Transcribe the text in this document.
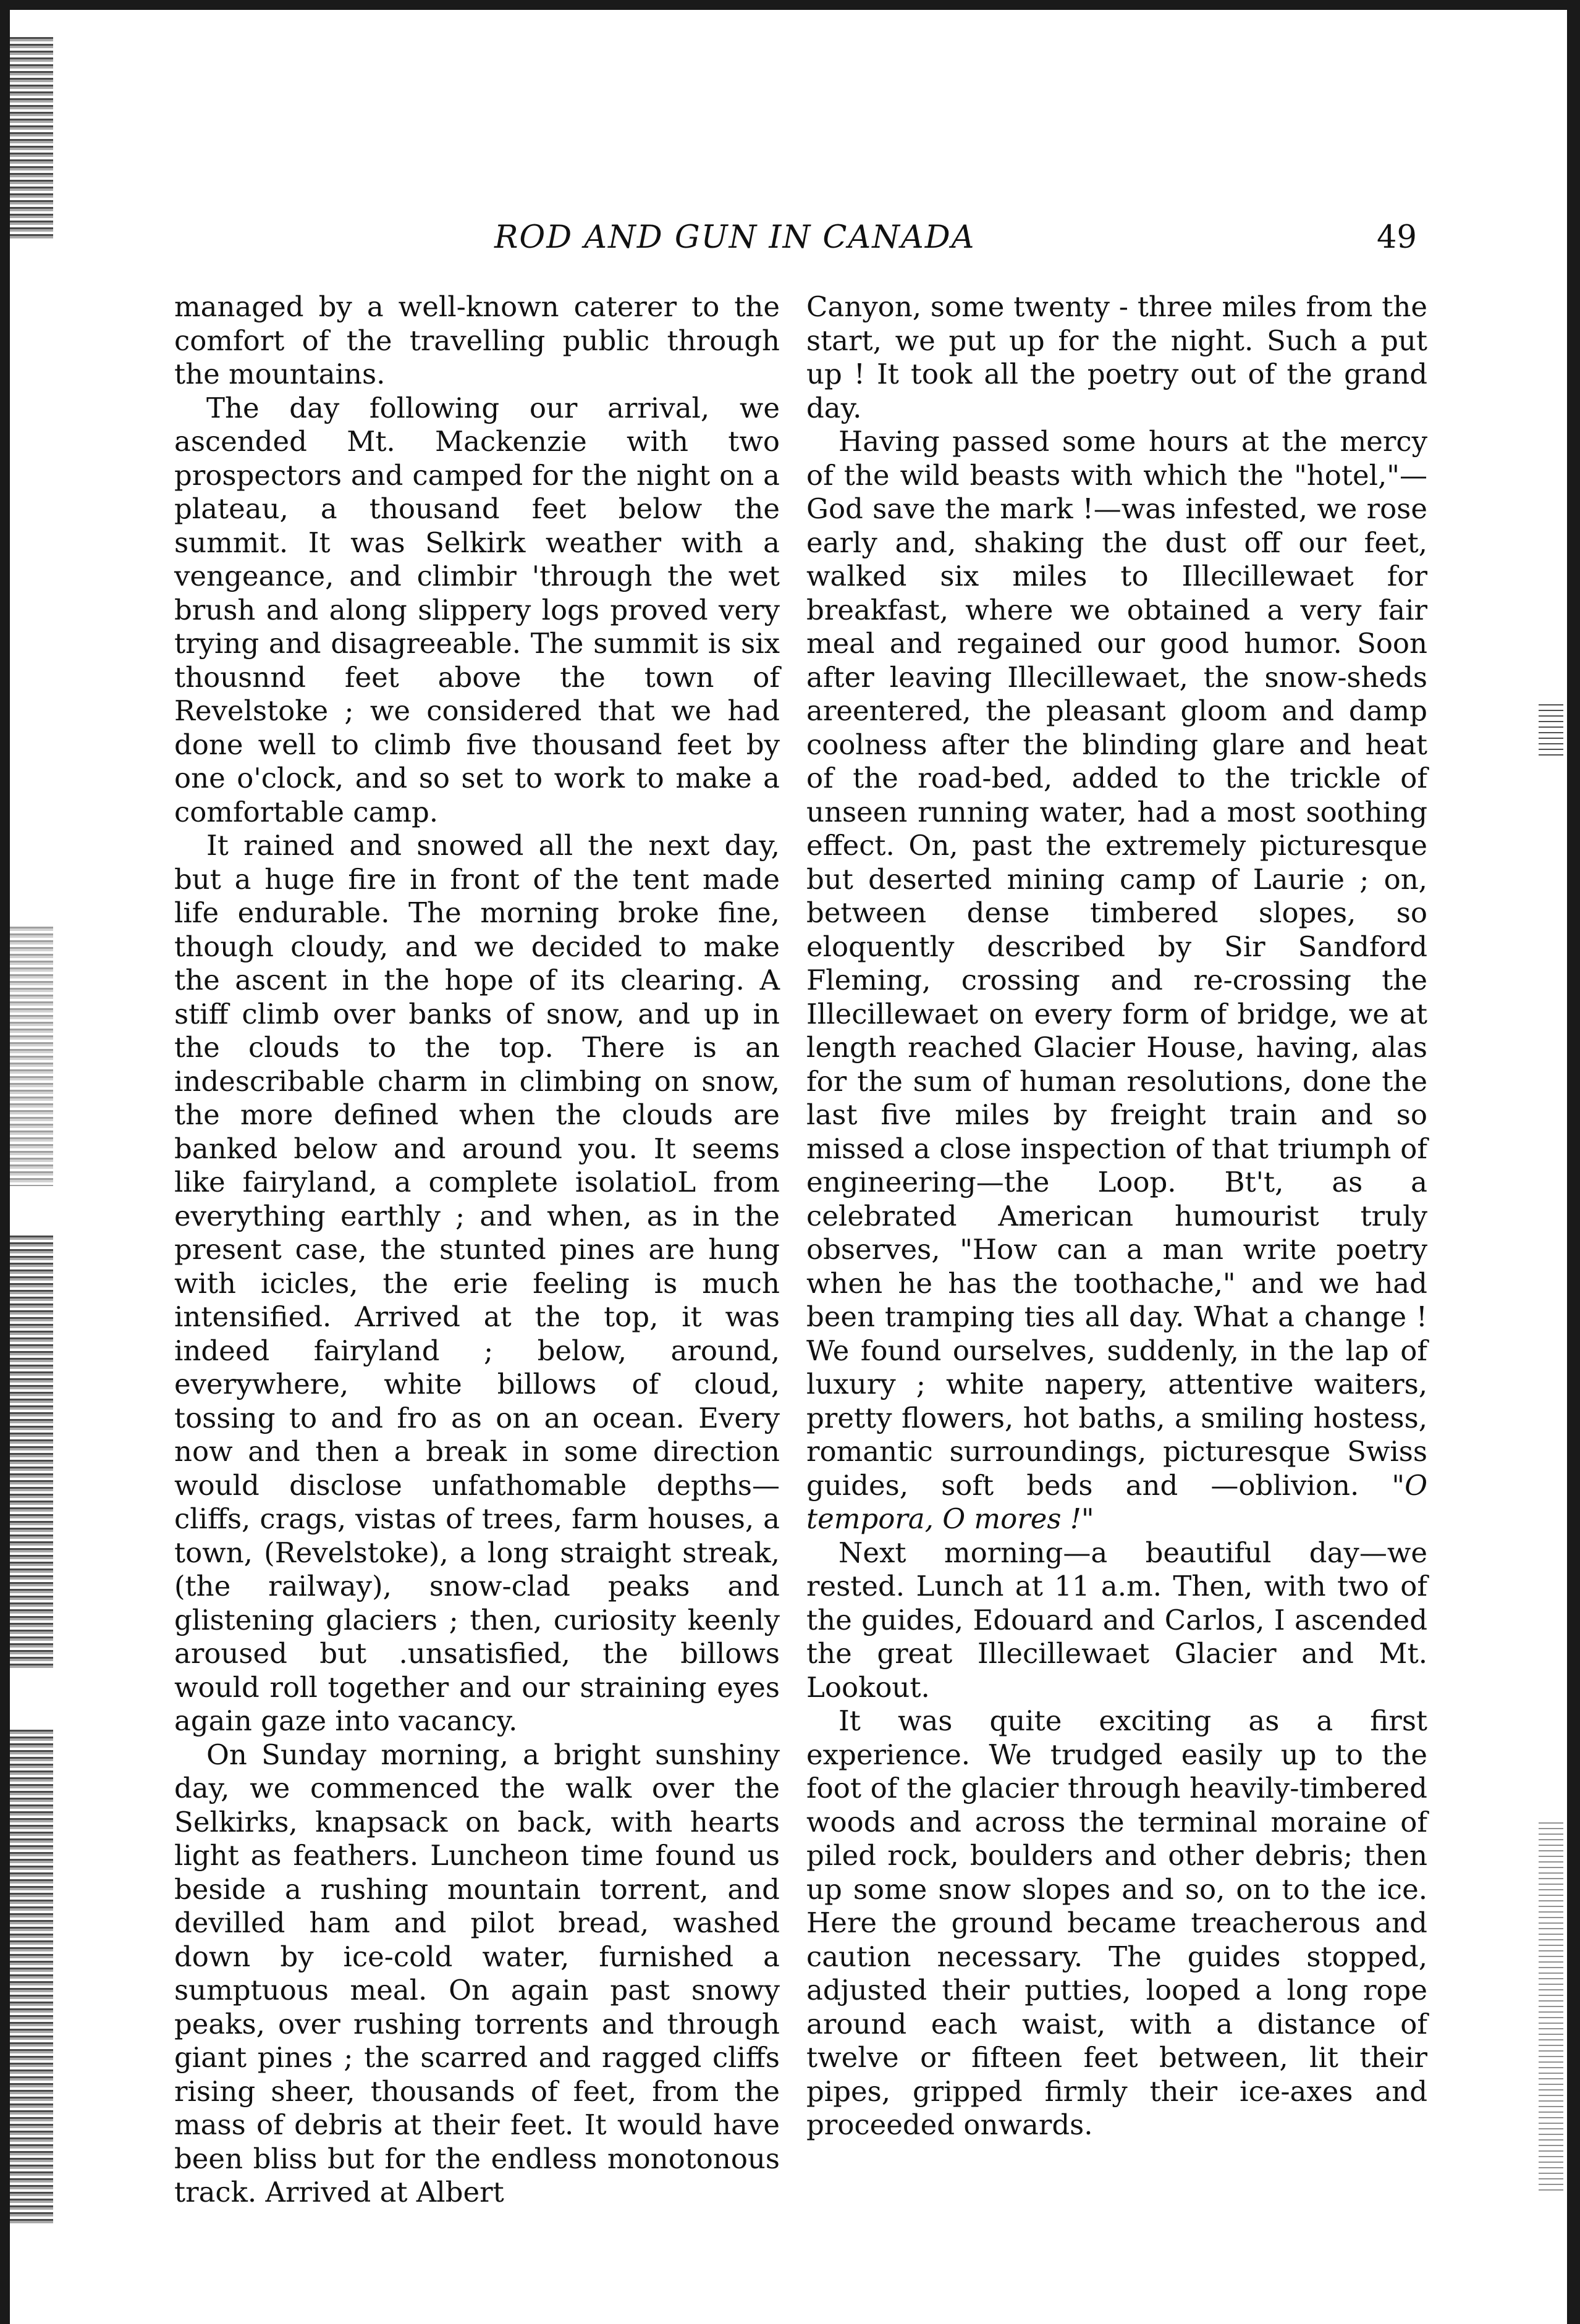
ROD AND GUN IN CANADA	49

managed by a well-known caterer to the comfort of the travelling public through the mountains.

The day following our arrival, we ascended Mt. Mackenzie with two prospectors and camped for the night on a plateau, a thousand feet below the summit. It was Selkirk weather with a vengeance, and climbir 'through the wet brush and along slippery logs proved very trying and disagreeable. The summit is six thousnnd feet above the town of Revelstoke ; we considered that we had done well to climb five thousand feet by one o'clock, and so set to work to make a comfortable camp.

It rained and snowed all the next day, but a huge fire in front of the tent made life endurable. The morning broke fine, though cloudy, and we decided to make the ascent in the hope of its clearing. A stiff climb over banks of snow, and up in the clouds to the top. There is an indescribable charm in climbing on snow, the more defined when the clouds are banked below and around you. It seems like fairyland, a complete isolatioL from everything earthly ; and when, as in the present case, the stunted pines are hung with icicles, the erie feeling is much intensified. Arrived at the top, it was indeed fairyland ; below, around, everywhere, white billows of cloud, tossing to and fro as on an ocean. Every now and then a break in some direction would disclose unfathomable depths—cliffs, crags, vistas of trees, farm houses, a town, (Revelstoke), a long straight streak, (the railway), snow-clad peaks and glistening glaciers ; then, curiosity keenly aroused but .unsatisfied, the billows would roll together and our straining eyes again gaze into vacancy.

On Sunday morning, a bright sunshiny day, we commenced the walk over the Selkirks, knapsack on back, with hearts light as feathers. Luncheon time found us beside a rushing mountain torrent, and devilled ham and pilot bread, washed down by ice-cold water, furnished a sumptuous meal. On again past snowy peaks, over rushing torrents and through giant pines ; the scarred and ragged cliffs rising sheer, thousands of feet, from the mass of debris at their feet. It would have been bliss but for the endless monotonous track. Arrived at Albert

Canyon, some twenty - three miles from the start, we put up for the night. Such a put up ! It took all the poetry out of the grand day.

Having passed some hours at the mercy of the wild beasts with which the "hotel,"—God save the mark !—was infested, we rose early and, shaking the dust off our feet, walked six miles to Illecillewaet for breakfast, where we obtained a very fair meal and regained our good humor. Soon after leaving Illecillewaet, the snow-sheds areentered, the pleasant gloom and damp coolness after the blinding glare and heat of the road-bed, added to the trickle of unseen running water, had a most soothing effect. On, past the extremely picturesque but deserted mining camp of Laurie ; on, between dense timbered slopes, so eloquently described by Sir Sandford Fleming, crossing and re-crossing the Illecillewaet on every form of bridge, we at length reached Glacier House, having, alas for the sum of human resolutions, done the last five miles by freight train and so missed a close inspection of that triumph of engineering—the Loop. Bt't, as a celebrated American humourist truly observes, "How can a man write poetry when he has the toothache," and we had been tramping ties all day. What a change ! We found ourselves, suddenly, in the lap of luxury ; white napery, attentive waiters, pretty flowers, hot baths, a smiling hostess, romantic surroundings, picturesque Swiss guides, soft beds and —oblivion. "O tempora, O mores !"

Next morning—a beautiful day—we rested. Lunch at 11 a.m. Then, with two of the guides, Edouard and Carlos, I ascended the great Illecillewaet Glacier and Mt. Lookout.

It was quite exciting as a first experience. We trudged easily up to the foot of the glacier through heavily-timbered woods and across the terminal moraine of piled rock, boulders and other debris; then up some snow slopes and so, on to the ice. Here the ground became treacherous and caution necessary. The guides stopped, adjusted their putties, looped a long rope around each waist, with a distance of twelve or fifteen feet between, lit their pipes, gripped firmly their ice-axes and proceeded onwards.
